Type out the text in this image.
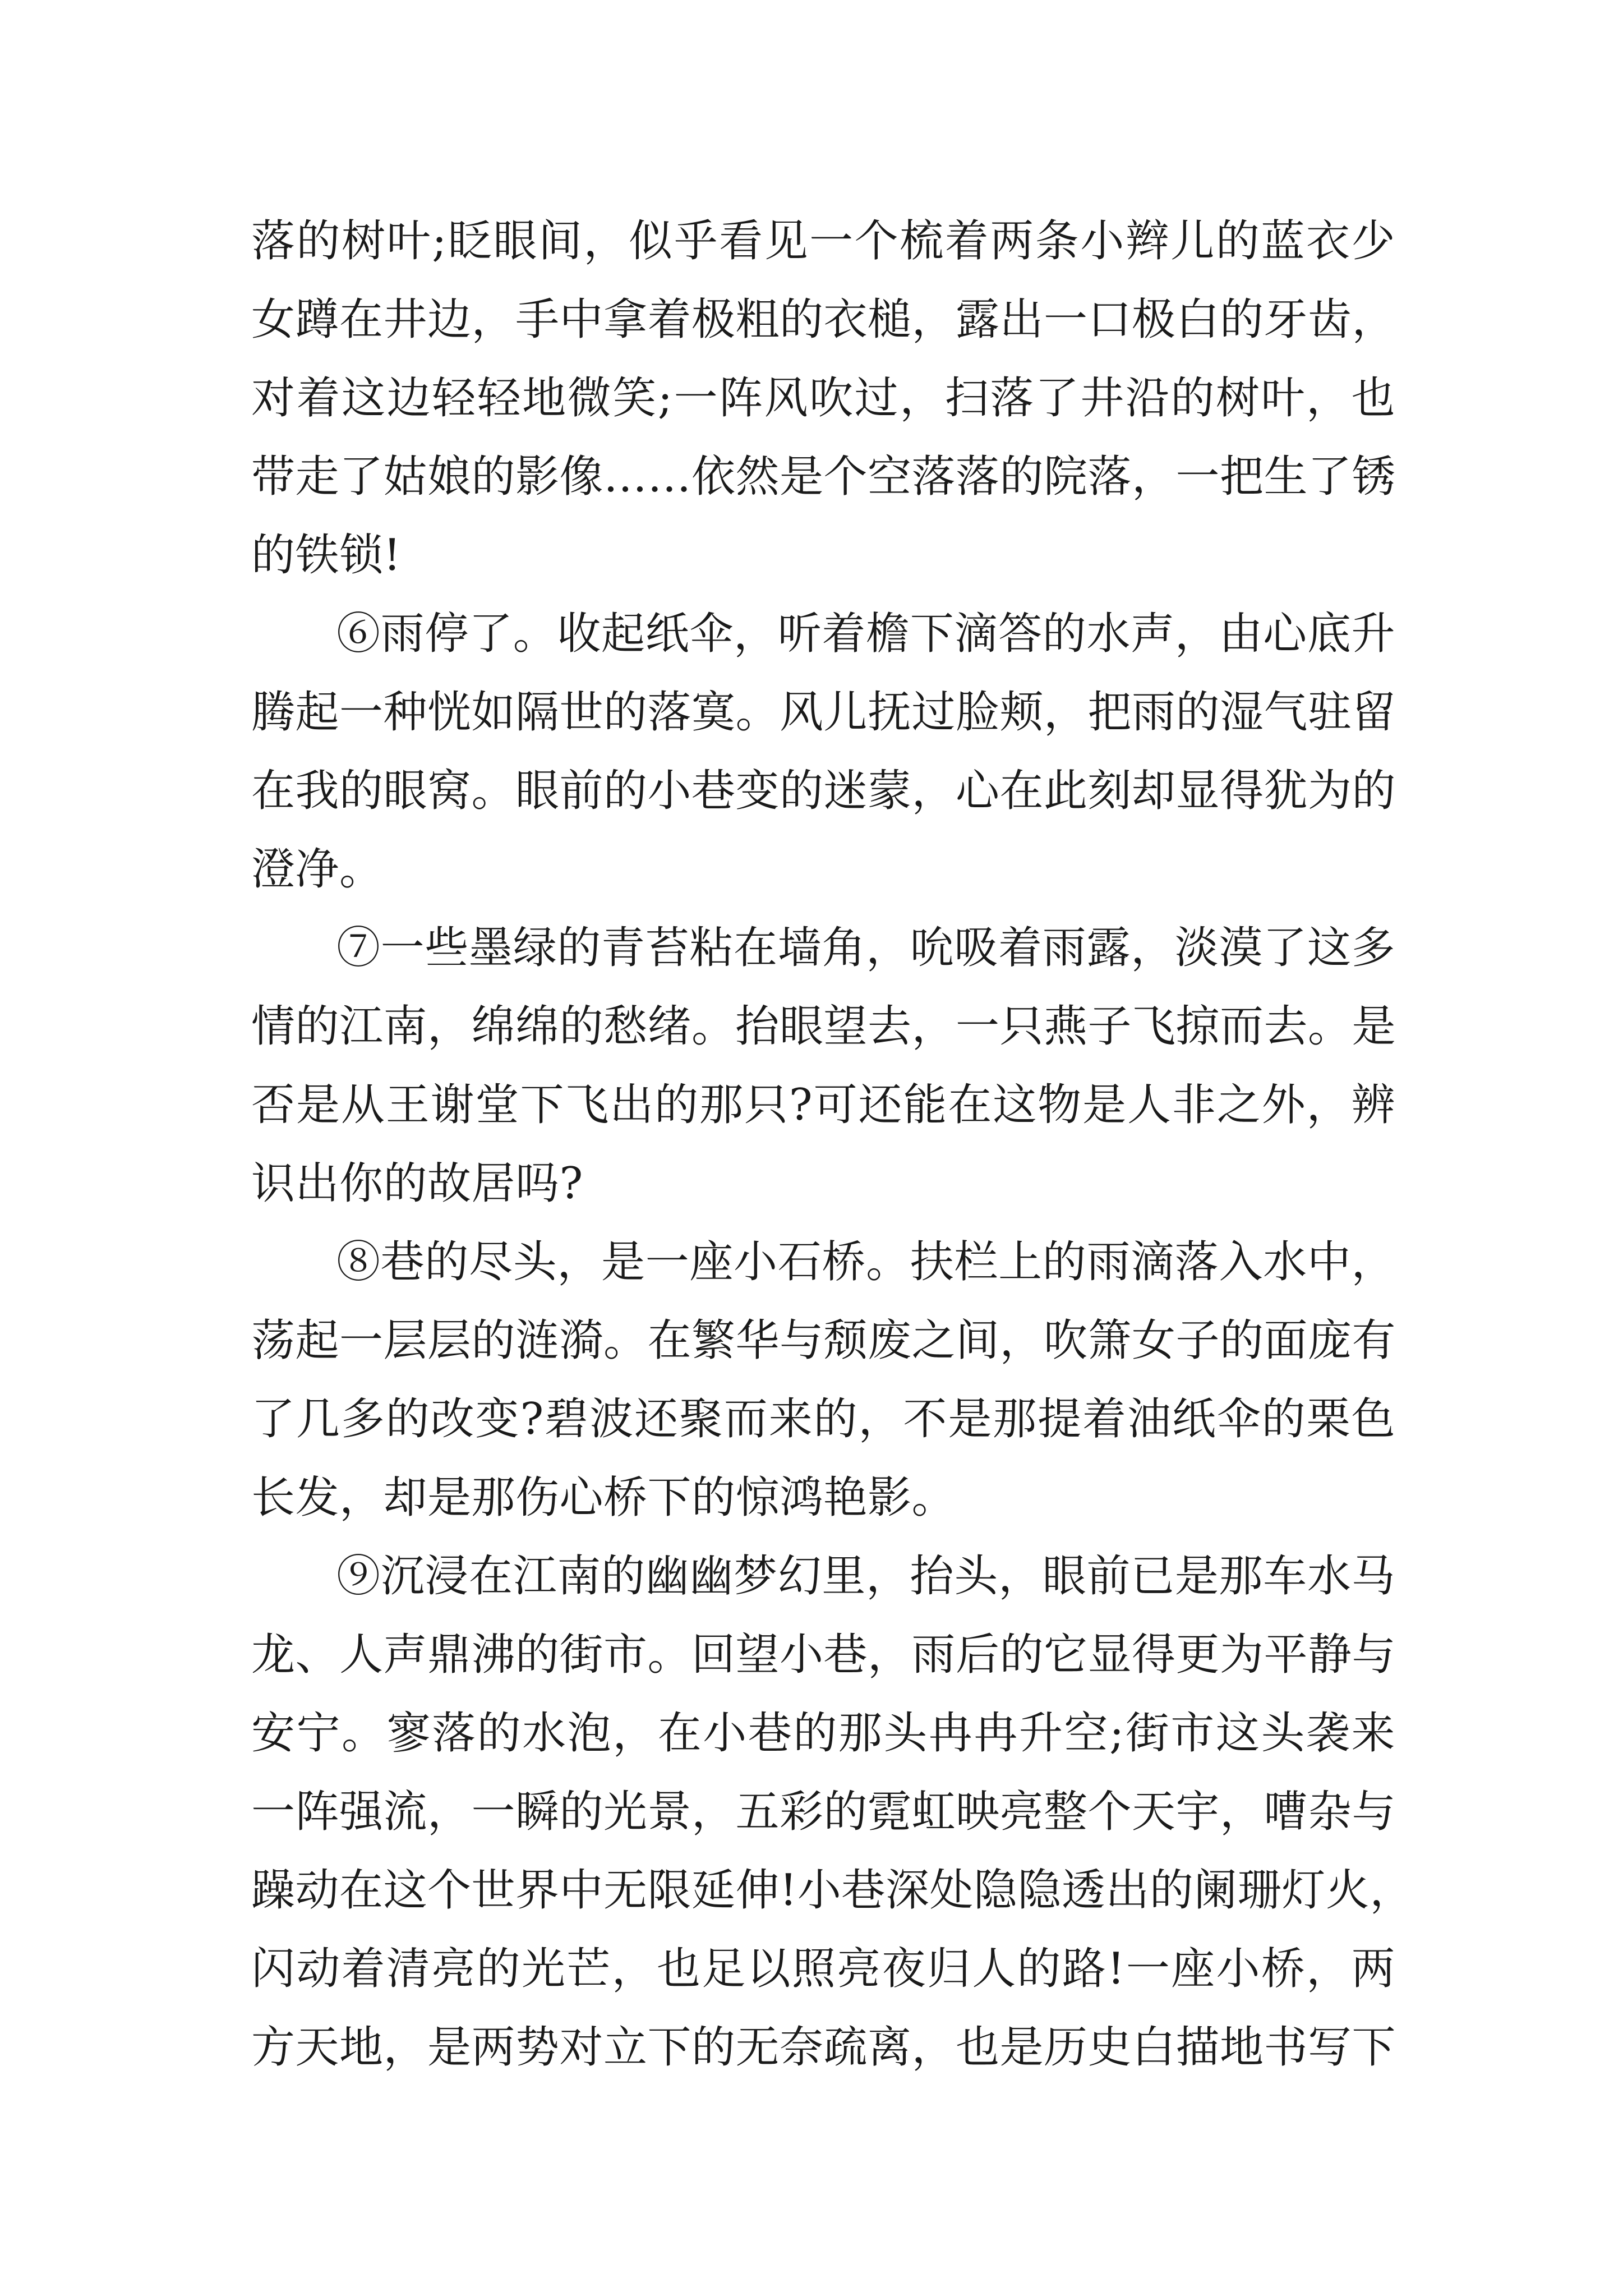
落的树叶;眨眼间，似乎看见一个梳着两条小辫儿的蓝衣少
女蹲在井边，手中拿着极粗的衣槌，露出一口极白的牙齿，
对着这边轻轻地微笑;一阵风吹过，扫落了井沿的树叶，也
带走了姑娘的影像……依然是个空落落的院落，一把生了锈
的铁锁!
⑥雨停了。收起纸伞，听着檐下滴答的水声，由心底升
腾起一种恍如隔世的落寞。风儿抚过脸颊，把雨的湿气驻留
在我的眼窝。眼前的小巷变的迷蒙，心在此刻却显得犹为的
澄净。
⑦一些墨绿的青苔粘在墙角，吮吸着雨露，淡漠了这多
情的江南，绵绵的愁绪。抬眼望去，一只燕子飞掠而去。是
否是从王谢堂下飞出的那只?可还能在这物是人非之外，辨
识出你的故居吗?
⑧巷的尽头，是一座小石桥。扶栏上的雨滴落入水中，
荡起一层层的涟漪。在繁华与颓废之间，吹箫女子的面庞有
了几多的改变?碧波还聚而来的，不是那提着油纸伞的栗色
长发，却是那伤心桥下的惊鸿艳影。
⑨沉浸在江南的幽幽梦幻里，抬头，眼前已是那车水马
龙、人声鼎沸的街市。回望小巷，雨后的它显得更为平静与
安宁。寥落的水泡，在小巷的那头冉冉升空;街市这头袭来
一阵强流，一瞬的光景，五彩的霓虹映亮整个天宇，嘈杂与
躁动在这个世界中无限延伸!小巷深处隐隐透出的阑珊灯火，
闪动着清亮的光芒，也足以照亮夜归人的路!一座小桥，两
方天地，是两势对立下的无奈疏离，也是历史白描地书写下
